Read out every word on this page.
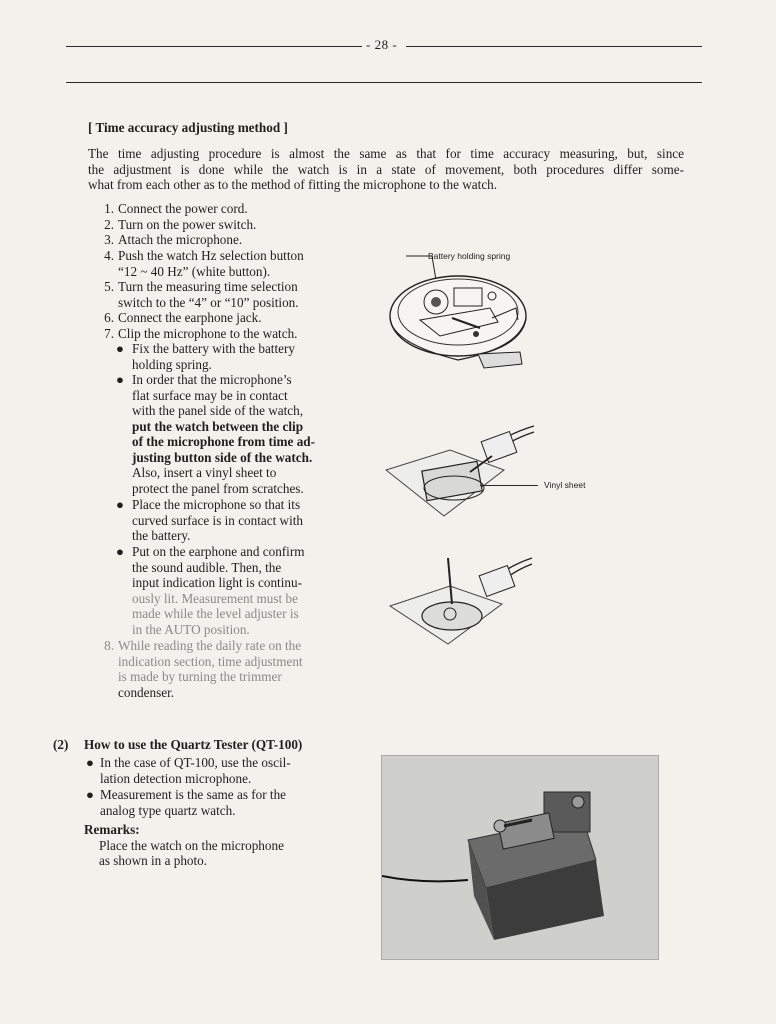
- 28 -
[ Time accuracy adjusting method ]
The time adjusting procedure is almost the same as that for time accuracy measuring, but, since
the adjustment is done while the watch is in a state of movement, both procedures differ some-
what from each other as to the method of fitting the microphone to the watch.
1. Connect the power cord.
2. Turn on the power switch.
3. Attach the microphone.
4. Push the watch Hz selection button
“12 ~ 40 Hz” (white button).
5. Turn the measuring time selection
switch to the “4” or “10” position.
6. Connect the earphone jack.
7. Clip the microphone to the watch.
● Fix the battery with the battery
holding spring.
● In order that the microphone’s
flat surface may be in contact
with the panel side of the watch,
put the watch between the clip
of the microphone from time ad-
justing button side of the watch.
Also, insert a vinyl sheet to
protect the panel from scratches.
● Place the microphone so that its
curved surface is in contact with
the battery.
● Put on the earphone and confirm
the sound audible. Then, the
input indication light is continu-
ously lit. Measurement must be
made while the level adjuster is
in the AUTO position.
8. While reading the daily rate on the
indication section, time adjustment
is made by turning the trimmer
condenser.
Battery holding spring
Vinyl sheet
(2) How to use the Quartz Tester (QT-100)
● In the case of QT-100, use the oscil-
lation detection microphone.
● Measurement is the same as for the
analog type quartz watch.
Remarks:
Place the watch on the microphone
as shown in a photo.
